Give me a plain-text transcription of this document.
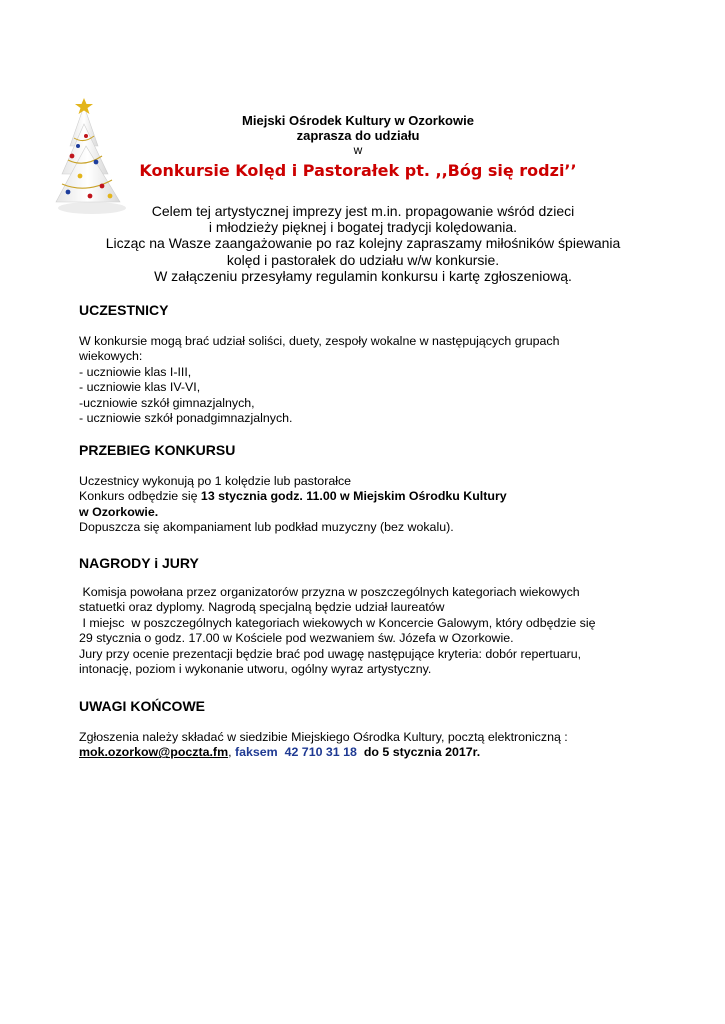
Miejski Ośrodek Kultury w Ozorkowie
zaprasza do udziału
w
Konkursie Kolęd i Pastorałek pt. ,,Bóg się rodzi’’
Celem tej artystycznej imprezy jest m.in. propagowanie wśród dzieci
i młodzieży pięknej i bogatej tradycji kolędowania.
Licząc na Wasze zaangażowanie po raz kolejny zapraszamy miłośników śpiewania
kolęd i pastorałek do udziału w/w konkursie.
W załączeniu przesyłamy regulamin konkursu i kartę zgłoszeniową.
UCZESTNICY

W konkursie mogą brać udział soliści, duety, zespoły wokalne w następujących grupach

wiekowych:

- uczniowie klas I-III,

- uczniowie klas IV-VI,

-uczniowie szkół gimnazjalnych,

- uczniowie szkół ponadgimnazjalnych.

PRZEBIEG KONKURSU

Uczestnicy wykonują po 1 kolędzie lub pastorałce

Konkurs odbędzie się 13 stycznia godz. 11.00 w Miejskim Ośrodku Kultury

w Ozorkowie.

Dopuszcza się akompaniament lub podkład muzyczny (bez wokalu).

NAGRODY i JURY

Komisja powołana przez organizatorów przyzna w poszczególnych kategoriach wiekowych

statuetki oraz dyplomy. Nagrodą specjalną będzie udział laureatów

I miejsc  w poszczególnych kategoriach wiekowych w Koncercie Galowym, który odbędzie się

29 stycznia o godz. 17.00 w Kościele pod wezwaniem św. Józefa w Ozorkowie.

Jury przy ocenie prezentacji będzie brać pod uwagę następujące kryteria: dobór repertuaru,

intonację, poziom i wykonanie utworu, ogólny wyraz artystyczny.

UWAGI KOŃCOWE

Zgłoszenia należy składać w siedzibie Miejskiego Ośrodka Kultury, pocztą elektroniczną :

mok.ozorkow@poczta.fm, faksem  42 710 31 18  do 5 stycznia 2017r.
